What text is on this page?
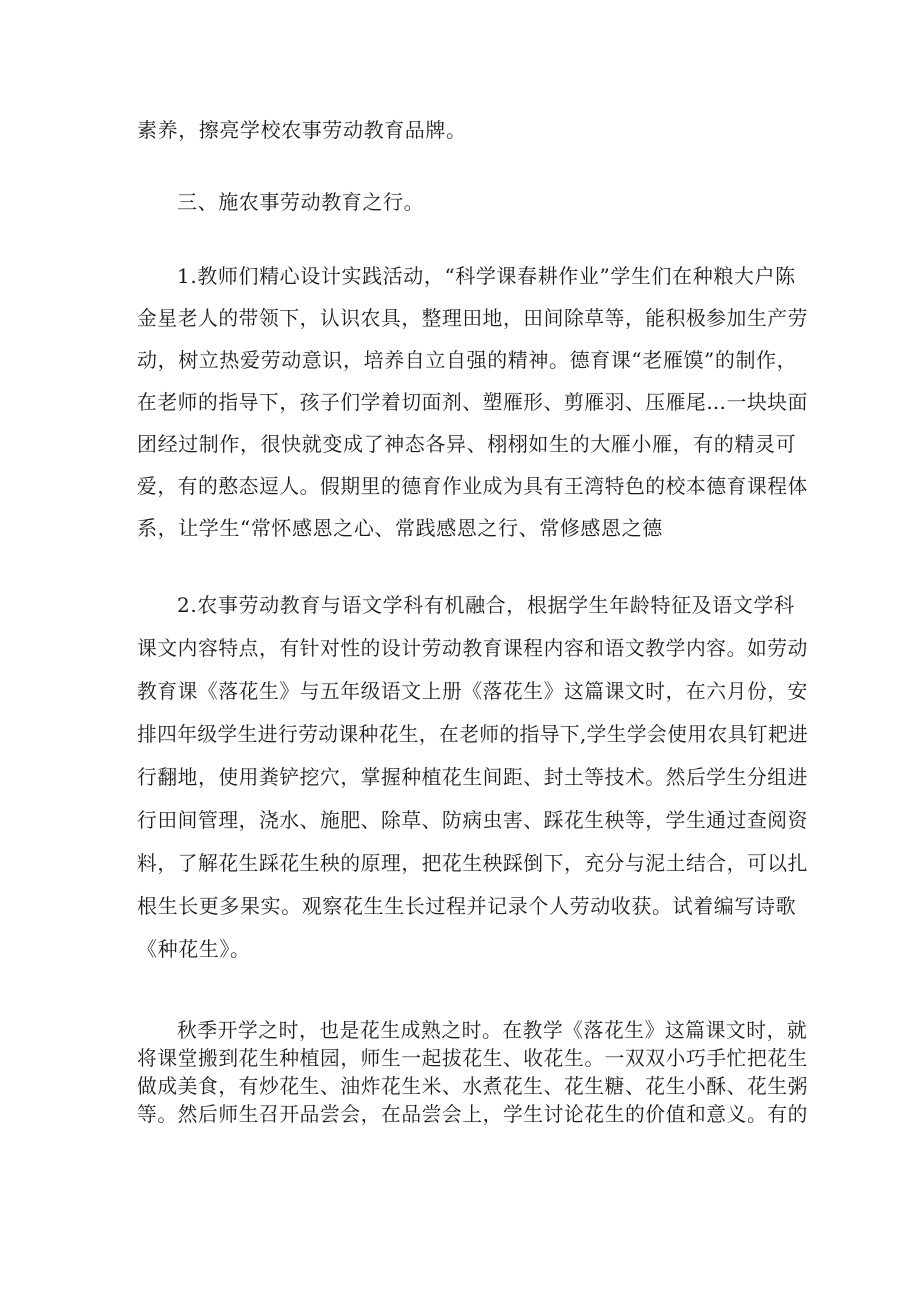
素养，擦亮学校农事劳动教育品牌。
三、施农事劳动教育之行。
1.教师们精心设计实践活动，“科学课春耕作业”学生们在种粮大户陈
金星老人的带领下，认识农具，整理田地，田间除草等，能积极参加生产劳
动，树立热爱劳动意识，培养自立自强的精神。德育课“老雁馍”的制作，
在老师的指导下，孩子们学着切面剂、塑雁形、剪雁羽、压雁尾…一块块面
团经过制作，很快就变成了神态各异、栩栩如生的大雁小雁，有的精灵可
爱，有的憨态逗人。假期里的德育作业成为具有王湾特色的校本德育课程体
系，让学生“常怀感恩之心、常践感恩之行、常修感恩之德
2.农事劳动教育与语文学科有机融合，根据学生年龄特征及语文学科
课文内容特点，有针对性的设计劳动教育课程内容和语文教学内容。如劳动
教育课《落花生》与五年级语文上册《落花生》这篇课文时，在六月份，安
排四年级学生进行劳动课种花生，在老师的指导下,学生学会使用农具钉耙进
行翻地，使用粪铲挖穴，掌握种植花生间距、封土等技术。然后学生分组进
行田间管理，浇水、施肥、除草、防病虫害、踩花生秧等，学生通过查阅资
料，了解花生踩花生秧的原理，把花生秧踩倒下，充分与泥土结合，可以扎
根生长更多果实。观察花生生长过程并记录个人劳动收获。试着编写诗歌
《种花生》。
秋季开学之时，也是花生成熟之时。在教学《落花生》这篇课文时，就
将课堂搬到花生种植园，师生一起拔花生、收花生。一双双小巧手忙把花生
做成美食，有炒花生、油炸花生米、水煮花生、花生糖、花生小酥、花生粥
等。然后师生召开品尝会，在品尝会上，学生讨论花生的价值和意义。有的
